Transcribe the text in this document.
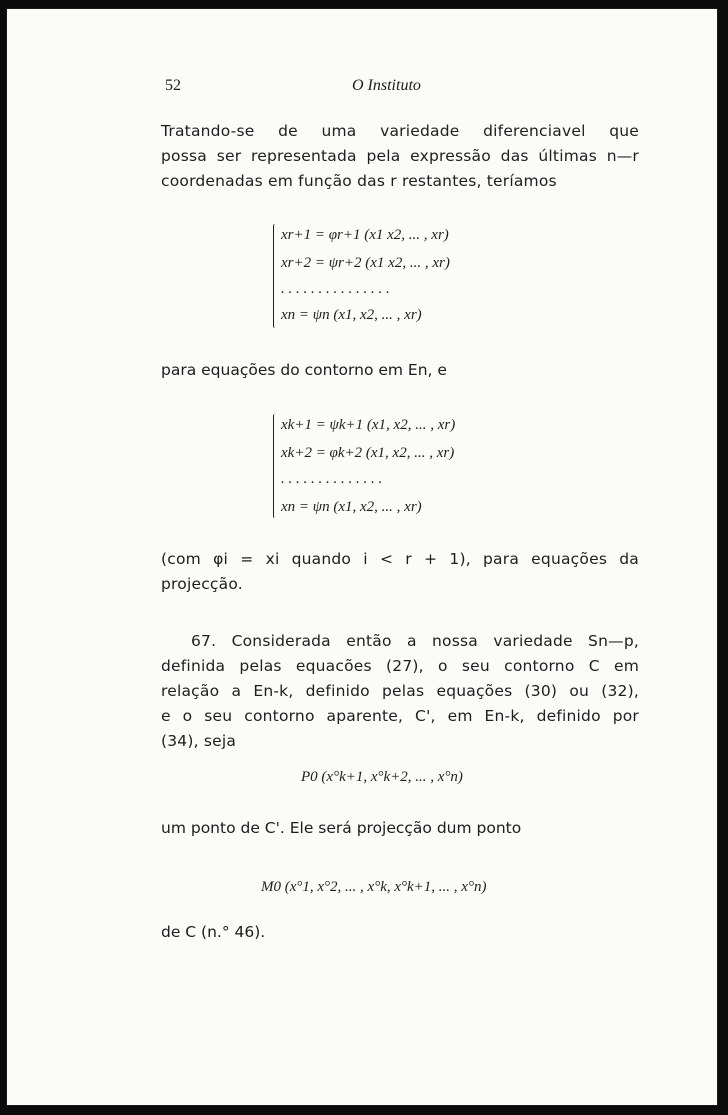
52	O Instituto
Tratando-se de uma variedade diferenciavel que
possa ser representada pela expressão das últimas n—r
coordenadas em função das r restantes, teríamos
xr+1 = φr+1 (x1 x2, ... , xr)
xr+2 = ψr+2 (x1 x2, ... , xr)
. . . . . . . . . . . . . . .
xn = ψn (x1, x2, ... , xr)
para equações do contorno em En, e
xk+1 = ψk+1 (x1, x2, ... , xr)
xk+2 = φk+2 (x1, x2, ... , xr)
. . . . . . . . . . . . . .
xn = ψn (x1, x2, ... , xr)
(com φi = xi quando i < r + 1), para equações da
projecção.
67. Considerada então a nossa variedade Sn—p,
definida pelas equacões (27), o seu contorno C em
relação a En-k, definido pelas equações (30) ou (32),
e o seu contorno aparente, C', em En-k, definido por
(34), seja
P0 (x°k+1, x°k+2, ... , x°n)
um ponto de C'. Ele será projecção dum ponto
M0 (x°1, x°2, ... , x°k, x°k+1, ... , x°n)
de C (n.° 46).
